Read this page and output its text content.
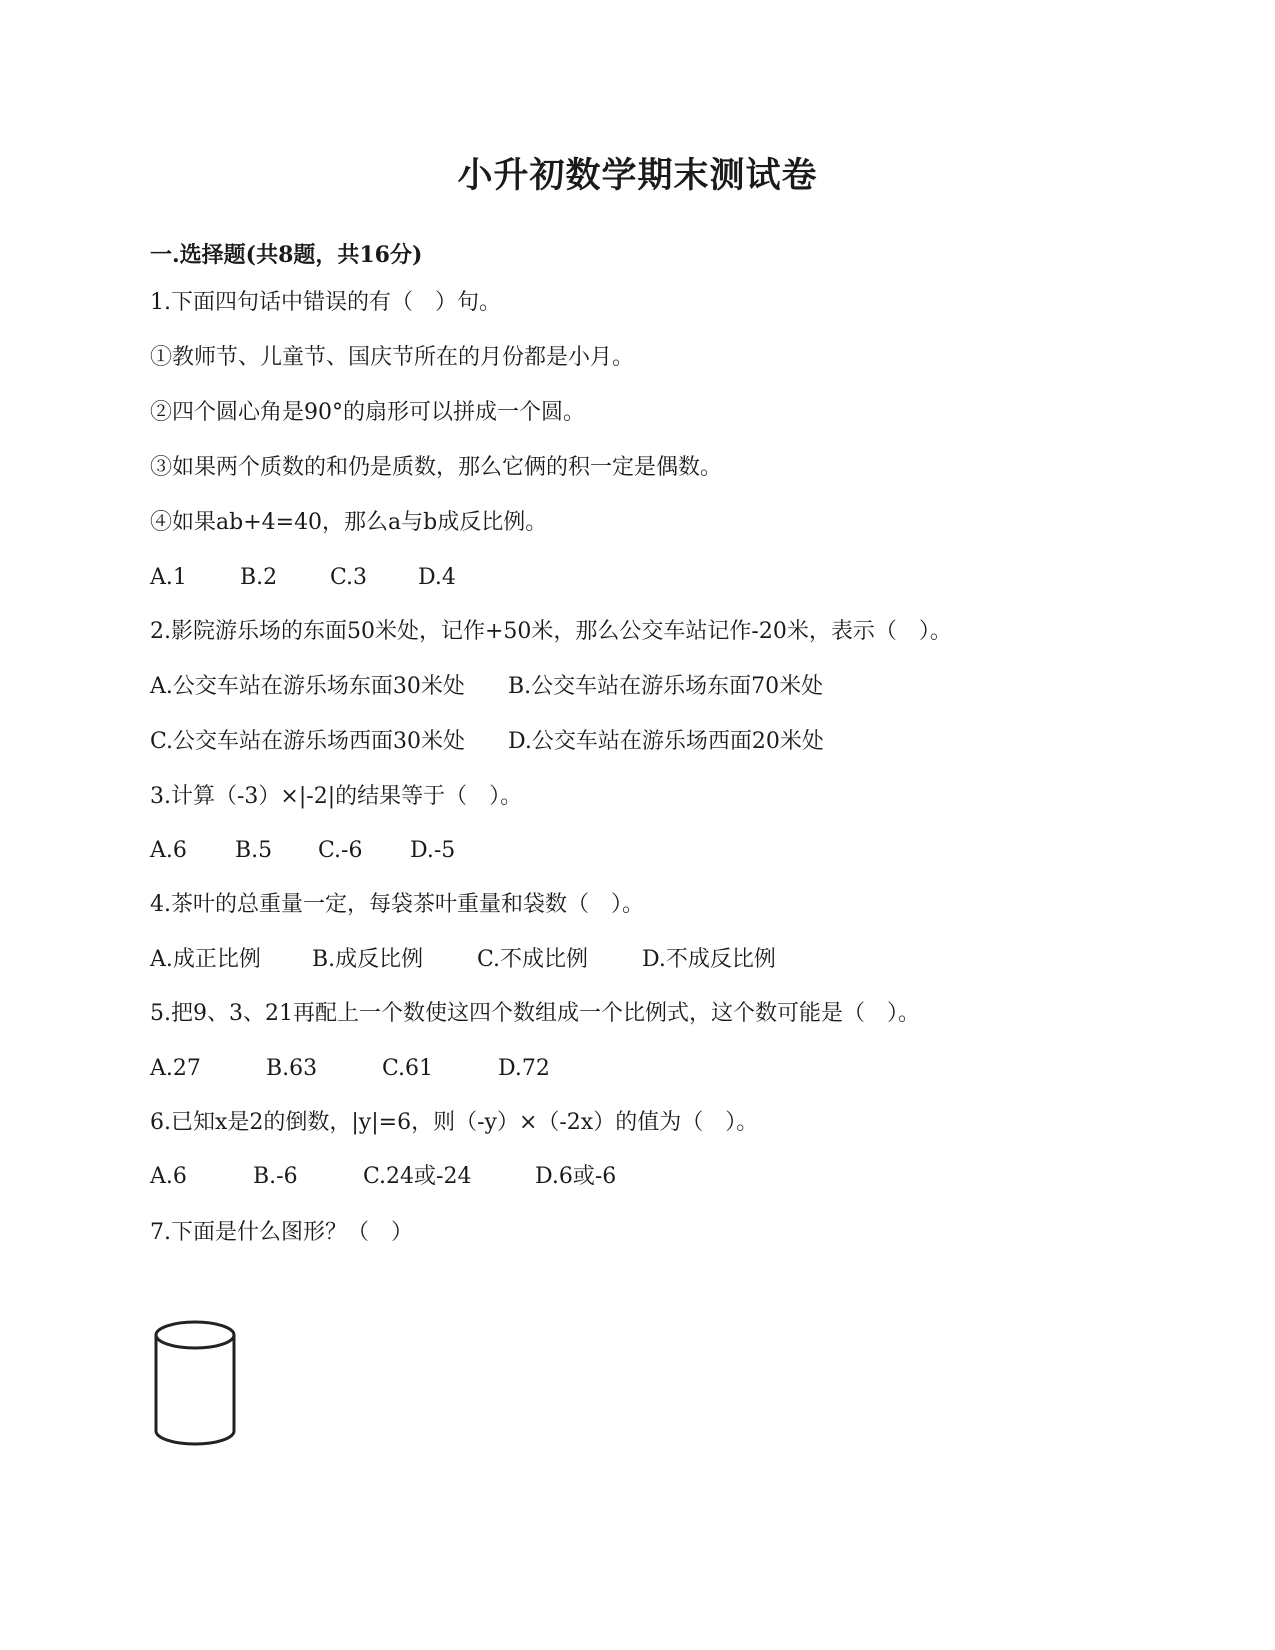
小升初数学期末测试卷
一.选择题(共8题，共16分)
1.下面四句话中错误的有（　）句。
①教师节、儿童节、国庆节所在的月份都是小月。
②四个圆心角是90°的扇形可以拼成一个圆。
③如果两个质数的和仍是质数，那么它俩的积一定是偶数。
④如果ab+4=40，那么a与b成反比例。
A.1 B.2 C.3 D.4
2.影院游乐场的东面50米处，记作+50米，那么公交车站记作-20米，表示（　）。
A.公交车站在游乐场东面30米处 B.公交车站在游乐场东面70米处
C.公交车站在游乐场西面30米处 D.公交车站在游乐场西面20米处
3.计算（-3）×|-2|的结果等于（　）。
A.6 B.5 C.-6 D.-5
4.茶叶的总重量一定，每袋茶叶重量和袋数（　）。
A.成正比例 B.成反比例 C.不成比例 D.不成反比例
5.把9、3、21再配上一个数使这四个数组成一个比例式，这个数可能是（　）。
A.27	B.63	C.61	D.72
6.已知x是2的倒数，|y|=6，则（-y）×（-2x）的值为（　）。
A.6	B.-6	C.24或-24	D.6或-6
7.下面是什么图形？（　）
